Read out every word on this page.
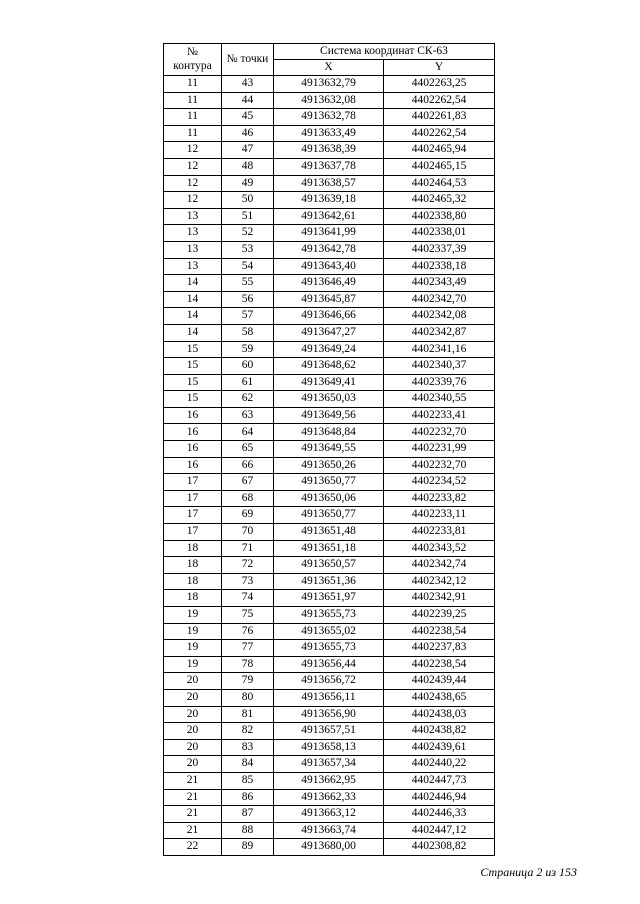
№
контура	№ точки	Система координат СК-63	
		X	Y
11	43	4913632,79	4402263,25
11	44	4913632,08	4402262,54
11	45	4913632,78	4402261,83
11	46	4913633,49	4402262,54
12	47	4913638,39	4402465,94
12	48	4913637,78	4402465,15
12	49	4913638,57	4402464,53
12	50	4913639,18	4402465,32
13	51	4913642,61	4402338,80
13	52	4913641,99	4402338,01
13	53	4913642,78	4402337,39
13	54	4913643,40	4402338,18
14	55	4913646,49	4402343,49
14	56	4913645,87	4402342,70
14	57	4913646,66	4402342,08
14	58	4913647,27	4402342,87
15	59	4913649,24	4402341,16
15	60	4913648,62	4402340,37
15	61	4913649,41	4402339,76
15	62	4913650,03	4402340,55
16	63	4913649,56	4402233,41
16	64	4913648,84	4402232,70
16	65	4913649,55	4402231,99
16	66	4913650,26	4402232,70
17	67	4913650,77	4402234,52
17	68	4913650,06	4402233,82
17	69	4913650,77	4402233,11
17	70	4913651,48	4402233,81
18	71	4913651,18	4402343,52
18	72	4913650,57	4402342,74
18	73	4913651,36	4402342,12
18	74	4913651,97	4402342,91
19	75	4913655,73	4402239,25
19	76	4913655,02	4402238,54
19	77	4913655,73	4402237,83
19	78	4913656,44	4402238,54
20	79	4913656,72	4402439,44
20	80	4913656,11	4402438,65
20	81	4913656,90	4402438,03
20	82	4913657,51	4402438,82
20	83	4913658,13	4402439,61
20	84	4913657,34	4402440,22
21	85	4913662,95	4402447,73
21	86	4913662,33	4402446,94
21	87	4913663,12	4402446,33
21	88	4913663,74	4402447,12
22	89	4913680,00	4402308,82
Страница 2 из 153
